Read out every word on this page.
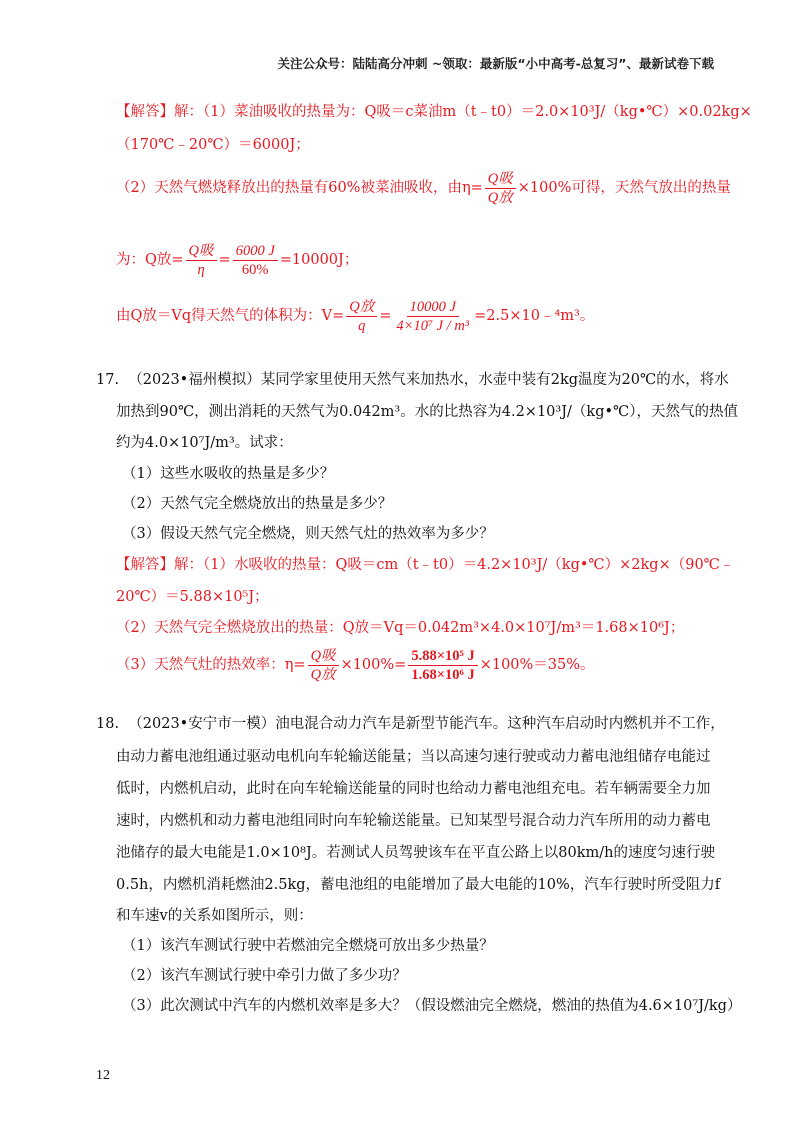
关注公众号：陆陆高分冲刺 ~领取：最新版“小中高考-总复习”、最新试卷下载
【解答】解：（1）菜油吸收的热量为：Q吸＝c菜油m（t﹣t0）＝2.0×10³J/（kg•℃）×0.02kg×
（170℃﹣20℃）＝6000J；
（2）天然气燃烧释放出的热量有60%被菜油吸收，由$\eta= \frac{\text{Q吸}}{\text{Q放}} \times 100\%$可得，天然气放出的热量
为：Q放= $\frac{\text{Q吸}}{\eta} = \frac{6000 J}{60\%} =10000J$；
由Q放＝Vq得天然气的体积为：$V= \frac{\text{Q放}}{q} = \frac{10000 J}{\text{4×10⁷ J / m³}}$ =2.5×10﹣⁴m³。
17. （2023•福州模拟）某同学家里使用天然气来加热水，水壶中装有2kg温度为20℃的水，将水
加热到90℃，测出消耗的天然气为0.042m³。水的比热容为4.2×10³J/（kg•℃），天然气的热值
约为4.0×10⁷J/m³。试求：
（1）这些水吸收的热量是多少？
（2）天然气完全燃烧放出的热量是多少？
（3）假设天然气完全燃烧，则天然气灶的热效率为多少？
【解答】解：（1）水吸收的热量：Q吸＝cm（t﹣t0）＝4.2×10³J/（kg•℃）×2kg×（90℃﹣
20℃）＝5.88×10⁵J；
（2）天然气完全燃烧放出的热量：Q放＝Vq＝0.042m³×4.0×10⁷J/m³＝1.68×10⁶J；
（3）天然气灶的热效率：$\eta= \frac{\text{Q吸}}{\text{Q放}} \times 100\%= \frac{\text{5.88×10⁵ J}}{\text{1.68×10⁶ J}} \times 100\%=35\%$。
18. （2023•安宁市一模）油电混合动力汽车是新型节能汽车。这种汽车启动时内燃机并不工作，
由动力蓄电池组通过驱动电机向车轮输送能量；当以高速匀速行驶或动力蓄电池组储存电能过
低时，内燃机启动，此时在向车轮输送能量的同时也给动力蓄电池组充电。若车辆需要全力加
速时，内燃机和动力蓄电池组同时向车轮输送能量。已知某型号混合动力汽车所用的动力蓄电
池储存的最大电能是1.0×10⁸J。若测试人员驾驶该车在平直公路上以80km/h的速度匀速行驶
0.5h，内燃机消耗燃油2.5kg，蓄电池组的电能增加了最大电能的10%，汽车行驶时所受阻力f
和车速v的关系如图所示，则：
（1）该汽车测试行驶中若燃油完全燃烧可放出多少热量？
（2）该汽车测试行驶中牵引力做了多少功？
（3）此次测试中汽车的内燃机效率是多大？（假设燃油完全燃烧，燃油的热值为4.6×10⁷J/kg）
12
